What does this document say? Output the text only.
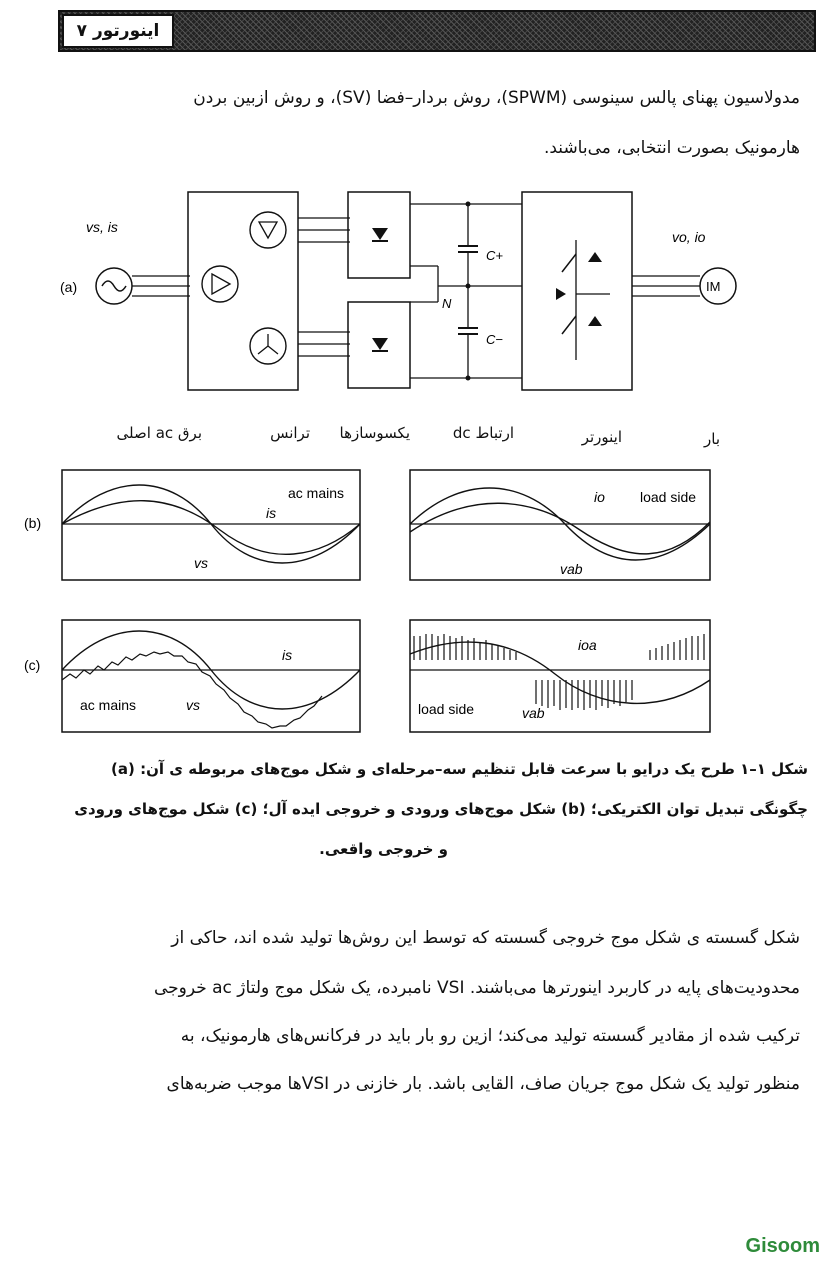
اینورتور ۷
مدولاسیون پهنای پالس سینوسی (SPWM)، روش بردار–فضا (SV)، و روش ازبین بردن
هارمونیک بصورت انتخابی، می‌باشند.
C+
C−
N
IM
vs, is
vo, io
(a)
برق ac اصلی	ترانس یکسوسازها	ارتباط dc	اینورتر	بار
(b)
ac mains
is
vs
load side
io
vab
(c)
ac mains
is
vs	load side
ioa
vab
شکل ۱–۱ طرح یک درایو با سرعت قابل تنظیم سه–مرحله‌ای و شکل موج‌های مربوطه ی آن: (a)
چگونگی تبدیل توان الکتریکی؛ (b) شکل موج‌های ورودی و خروجی ایده آل؛ (c) شکل موج‌های ورودی
و خروجی واقعی.
شکل گسسته ی شکل موج خروجی گسسته که توسط این روش‌ها تولید شده اند، حاکی از
محدودیت‌های پایه در کاربرد اینورترها می‌باشند. VSI نامبرده، یک شکل موج ولتاژ ac خروجی
ترکیب شده از مقادیر گسسته تولید می‌کند؛ ازین رو بار باید در فرکانس‌های هارمونیک، به
منظور تولید یک شکل موج جریان صاف، القایی باشد. بار خازنی در VSIها موجب ضربه‌های
Gisoom
